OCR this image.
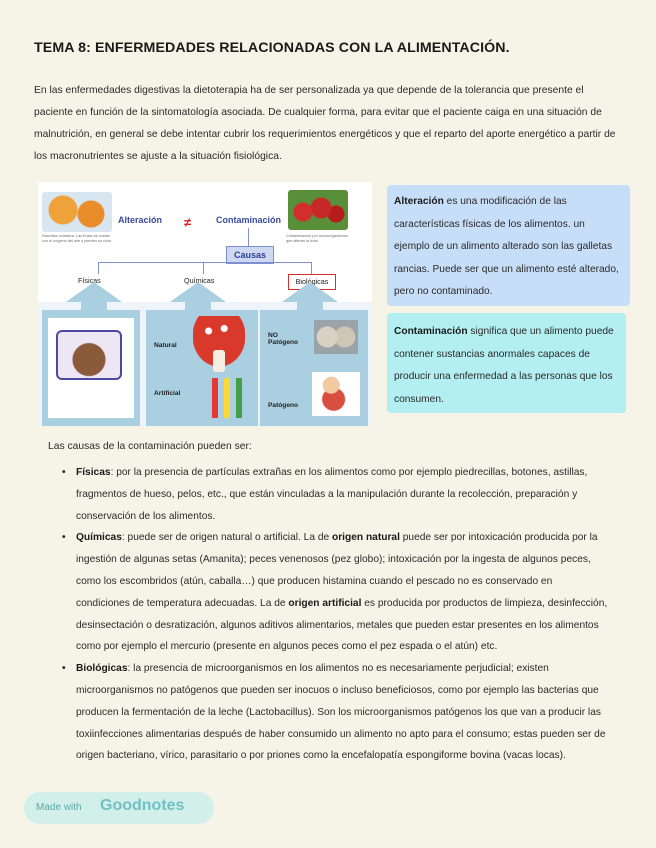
TEMA 8: ENFERMEDADES RELACIONADAS CON LA ALIMENTACIÓN.
En las enfermedades digestivas la dietoterapia ha de ser personalizada ya que depende de la tolerancia que presente el paciente en función de la sintomatología asociada. De cualquier forma, para evitar que el paciente caiga en una situación de malnutrición, en general se debe intentar cubrir los requerimientos energéticos y que el reparto del aporte energético a partir de los macronutrientes se ajuste a la situación fisiológica.
Rancidez oxidativa. Las frutas se oxidan con el oxígeno del aire y pierden su color
Contaminación por microorganismos que alteran la fruta
Alteración ≠	Contaminación
Causas
Físicas	Químicas	Biológicas
Natural
Artificial
NO
Patógeno
Patógeno
Alteración es una modificación de las características físicas de los alimentos. un ejemplo de un alimento alterado son las galletas rancias. Puede ser que un alimento esté alterado, pero no contaminado.
Contaminación significa que un alimento puede contener sustancias anormales capaces de producir una enfermedad a las personas que los consumen.
Las causas de la contaminación pueden ser:
• Físicas: por la presencia de partículas extrañas en los alimentos como por ejemplo piedrecillas, botones, astillas, fragmentos de hueso, pelos, etc., que están vinculadas a la manipulación durante la recolección, preparación y conservación de los alimentos.
• Químicas: puede ser de origen natural o artificial. La de origen natural puede ser por intoxicación producida por la ingestión de algunas setas (Amanita); peces venenosos (pez globo); intoxicación por la ingesta de algunos peces, como los escombridos (atún, caballa…) que producen histamina cuando el pescado no es conservado en condiciones de temperatura adecuadas. La de origen artificial es producida por productos de limpieza, desinfección, desinsectación o desratización, algunos aditivos alimentarios, metales que pueden estar presentes en los alimentos como por ejemplo el mercurio (presente en algunos peces como el pez espada o el atún) etc.
• Biológicas: la presencia de microorganismos en los alimentos no es necesariamente perjudicial; existen microorganismos no patógenos que pueden ser inocuos o incluso beneficiosos, como por ejemplo las bacterias que producen la fermentación de la leche (Lactobacillus). Son los microorganismos patógenos los que van a producir las toxiinfecciones alimentarias después de haber consumido un alimento no apto para el consumo; estas pueden ser de origen bacteriano, vírico, parasitario o por priones como la encefalopatía espongiforme bovina (vacas locas).
Made with Goodnotes
